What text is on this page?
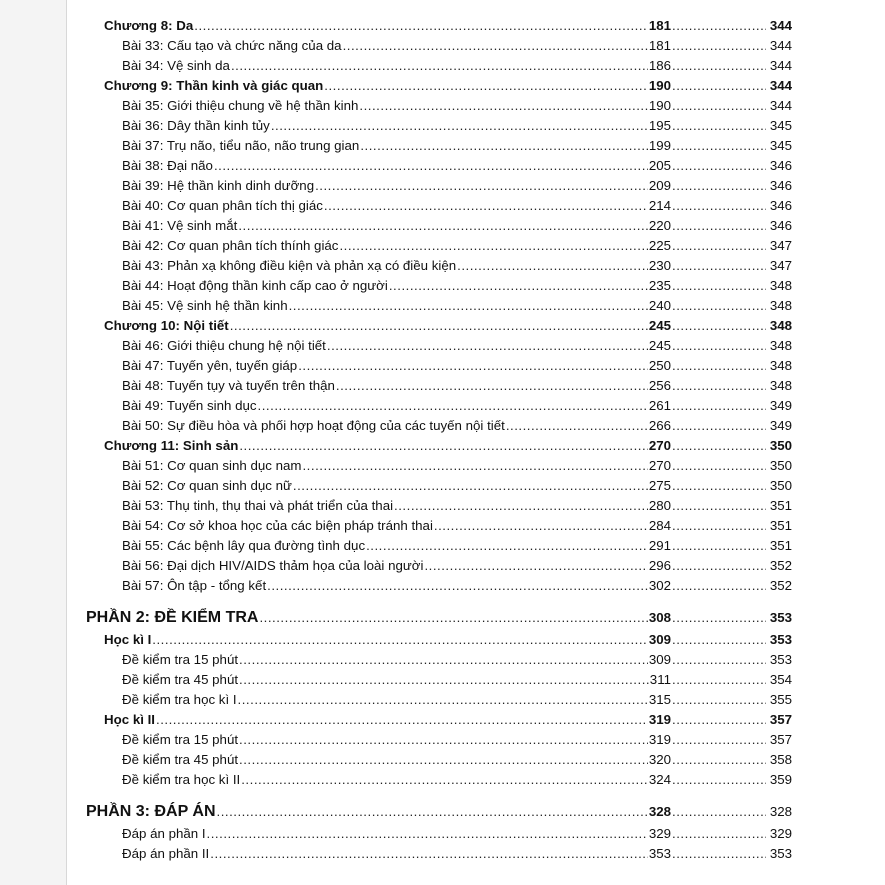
Chương 8: Da .....	181 .....	344
Bài 33: Cấu tạo và chức năng của da .....	181 .....	344
Bài 34: Vệ sinh da .....	186 .....	344
Chương 9: Thần kinh và giác quan .....	190 .....	344
Bài 35: Giới thiệu chung về hệ thần kinh .....	190 .....	344
Bài 36: Dây thần kinh tủy .....	195 .....	345
Bài 37: Trụ não, tiểu não, não trung gian .....	199 .....	345
Bài 38: Đại não .....	205 .....	346
Bài 39: Hệ thần kinh dinh dưỡng .....	209 .....	346
Bài 40: Cơ quan phân tích thị giác .....	214 .....	346
Bài 41: Vệ sinh mắt .....	220 .....	346
Bài 42: Cơ quan phân tích thính giác .....	225 .....	347
Bài 43: Phản xạ không điều kiện và phản xạ có điều kiện .....	230 .....	347
Bài 44: Hoạt động thần kinh cấp cao ở người .....	235 .....	348
Bài 45: Vệ sinh hệ thần kinh .....	240 .....	348
Chương 10: Nội tiết .....	245 .....	348
Bài 46: Giới thiệu chung hệ nội tiết .....	245 .....	348
Bài 47: Tuyến yên, tuyến giáp .....	250 .....	348
Bài 48: Tuyến tụy và tuyến trên thận .....	256 .....	348
Bài 49: Tuyến sinh dục .....	261 .....	349
Bài 50: Sự điều hòa và phối hợp hoạt động của các tuyến nội tiết .....	266 .....	349
Chương 11: Sinh sản .....	270 .....	350
Bài 51: Cơ quan sinh dục nam .....	270 .....	350
Bài 52: Cơ quan sinh dục nữ .....	275 .....	350
Bài 53: Thụ tinh, thụ thai và phát triển của thai .....	280 .....	351
Bài 54: Cơ sở khoa học của các biện pháp tránh thai .....	284 .....	351
Bài 55: Các bệnh lây qua đường tình dục .....	291 .....	351
Bài 56: Đại dịch HIV/AIDS thảm họa của loài người .....	296 .....	352
Bài 57: Ôn tập - tổng kết .....	302 .....	352
PHẦN 2: ĐỀ KIỂM TRA .....	308 .....	353
Học kì I .....	309 .....	353
Đề kiểm tra 15 phút .....	309 .....	353
Đề kiểm tra 45 phút .....	311 .....	354
Đề kiểm tra học kì I .....	315 .....	355
Học kì II .....	319 .....	357
Đề kiểm tra 15 phút .....	319 .....	357
Đề kiểm tra 45 phút .....	320 .....	358
Đề kiểm tra học kì II .....	324 .....	359
PHẦN 3: ĐÁP ÁN .....	328 .....	328
Đáp án phần I .....	329 .....	329
Đáp án phần II .....	353 .....	353
